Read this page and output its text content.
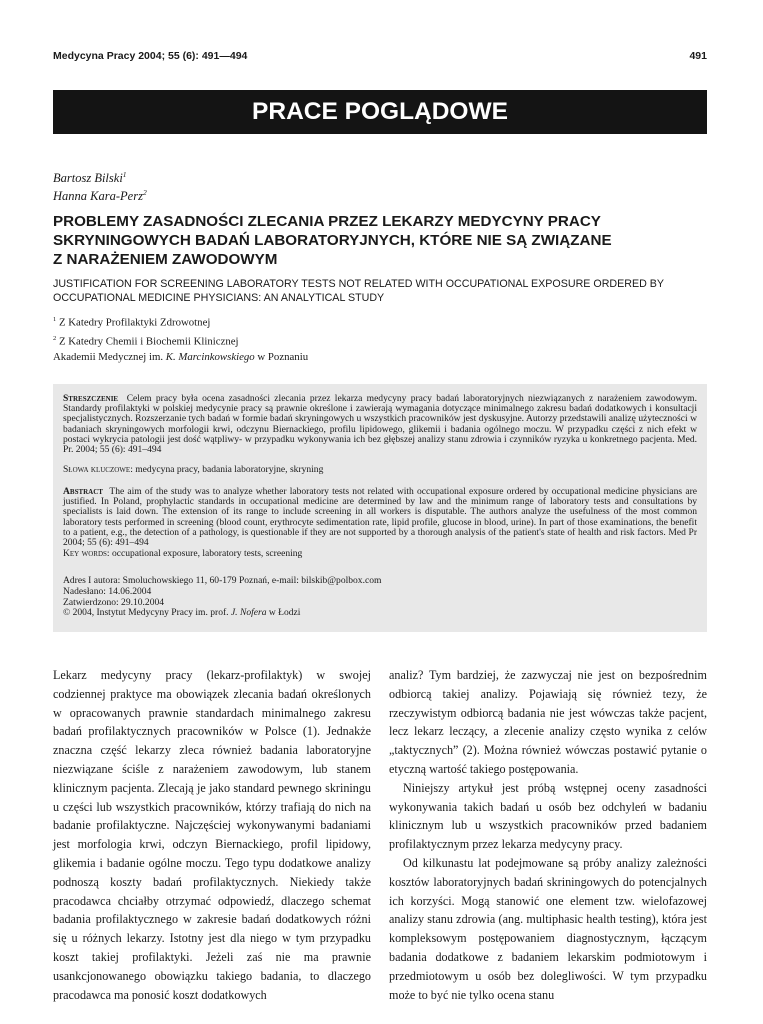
Medycyna Pracy 2004; 55 (6): 491—494	491
PRACE POGLĄDOWE
Bartosz Bilski$^1$
Hanna Kara-Perz$^2$
PROBLEMY ZASADNOŚCI ZLECANIA PRZEZ LEKARZY MEDYCYNY PRACY
SKRYNINGOWYCH BADAŃ LABORATORYJNYCH, KTÓRE NIE SĄ ZWIĄZANE
Z NARAŻENIEM ZAWODOWYM
JUSTIFICATION FOR SCREENING LABORATORY TESTS NOT RELATED WITH OCCUPATIONAL EXPOSURE ORDERED BY
OCCUPATIONAL MEDICINE PHYSICIANS: AN ANALYTICAL STUDY
$^1$ Z Katedry Profilaktyki Zdrowotnej
$^2$ Z Katedry Chemii i Biochemii Klinicznej
Akademii Medycznej im. K. Marcinkowskiego w Poznaniu

Streszczenie Celem pracy była ocena zasadności zlecania przez lekarza medycyny pracy badań laboratoryjnych niezwiązanych z narażeniem zawodowym. Standardy profilaktyki w polskiej medycynie pracy są prawnie określone i zawierają wymagania dotyczące minimalnego zakresu badań dodatkowych i konsultacji specjalistycznych. Rozszerzanie tych badań w formie badań skryningowych u wszystkich pracowników jest dyskusyjne. Autorzy przedstawili analizę użyteczności w badaniach skryningowych morfologii krwi, odczynu Biernackiego, profilu lipidowego, glikemii i badania ogólnego moczu. W przypadku części z nich efekt w postaci wykrycia patologii jest dość wątpliwy- w przypadku wykonywania ich bez głębszej analizy stanu zdrowia i czynników ryzyka u konkretnego pacjenta. Med. Pr. 2004; 55 (6): 491–494

Słowa kluczowe: medycyna pracy, badania laboratoryjne, skryning

Abstract The aim of the study was to analyze whether laboratory tests not related with occupational exposure ordered by occupational medicine physicians are justified. In Poland, prophylactic standards in occupational medicine are determined by law and the minimum range of laboratory tests and consultations by specialists is laid down. The extension of its range to include screening in all workers is disputable. The authors analyze the usefulness of the most common laboratory tests performed in screening (blood count, erythrocyte sedimentation rate, lipid profile, glucose in blood, urine). In part of those examinations, the benefit to a patient, e.g., the detection of a pathology, is questionable if they are not supported by a thorough analysis of the patient's state of health and risk factors. Med Pr 2004; 55 (6): 491–494

Key words: occupational exposure, laboratory tests, screening
Adres I autora: Smoluchowskiego 11, 60-179 Poznań, e-mail: bilskib@polbox.com
Nadesłano: 14.06.2004
Zatwierdzono: 29.10.2004
© 2004, Instytut Medycyny Pracy im. prof. J. Nofera w Łodzi

Lekarz medycyny pracy (lekarz-profilaktyk) w swojej codziennej praktyce ma obowiązek zlecania badań określonych w opracowanych prawnie standardach minimalnego zakresu badań profilaktycznych pracowników w Polsce (1). Jednakże znaczna część lekarzy zleca również badania laboratoryjne niezwiązane ściśle z narażeniem zawodowym, lub stanem klinicznym pacjenta. Zlecają je jako standard pewnego skriningu u części lub wszystkich pracowników, którzy trafiają do nich na badanie profilaktyczne. Najczęściej wykonywanymi badaniami jest morfologia krwi, odczyn Biernackiego, profil lipidowy, glikemia i badanie ogólne moczu. Tego typu dodatkowe analizy podnoszą koszty badań profilaktycznych. Niekiedy także pracodawca chciałby otrzymać odpowiedź, dlaczego schemat badania profilaktycznego w zakresie badań dodatkowych różni się u różnych lekarzy. Istotny jest dla niego w tym przypadku koszt takiej profilaktyki. Jeżeli zaś nie ma prawnie usankcjonowanego obowiązku takiego badania, to dlaczego pracodawca ma ponosić koszt dodatkowych

analiz? Tym bardziej, że zazwyczaj nie jest on bezpośrednim odbiorcą takiej analizy. Pojawiają się również tezy, że rzeczywistym odbiorcą badania nie jest wówczas także pacjent, lecz lekarz leczący, a zlecenie analizy często wynika z celów „taktycznych” (2). Można również wówczas postawić pytanie o etyczną wartość takiego postępowania.

Niniejszy artykuł jest próbą wstępnej oceny zasadności wykonywania takich badań u osób bez odchyleń w badaniu klinicznym lub u wszystkich pracowników przed badaniem profilaktycznym przez lekarza medycyny pracy.

Od kilkunastu lat podejmowane są próby analizy zależności kosztów laboratoryjnych badań skriningowych do potencjalnych ich korzyści. Mogą stanowić one element tzw. wielofazowej analizy stanu zdrowia (ang. multiphasic health testing), która jest kompleksowym postępowaniem diagnostycznym, łączącym badania dodatkowe z badaniem lekarskim podmiotowym i przedmiotowym u osób bez dolegliwości. W tym przypadku może to być nie tylko ocena stanu
